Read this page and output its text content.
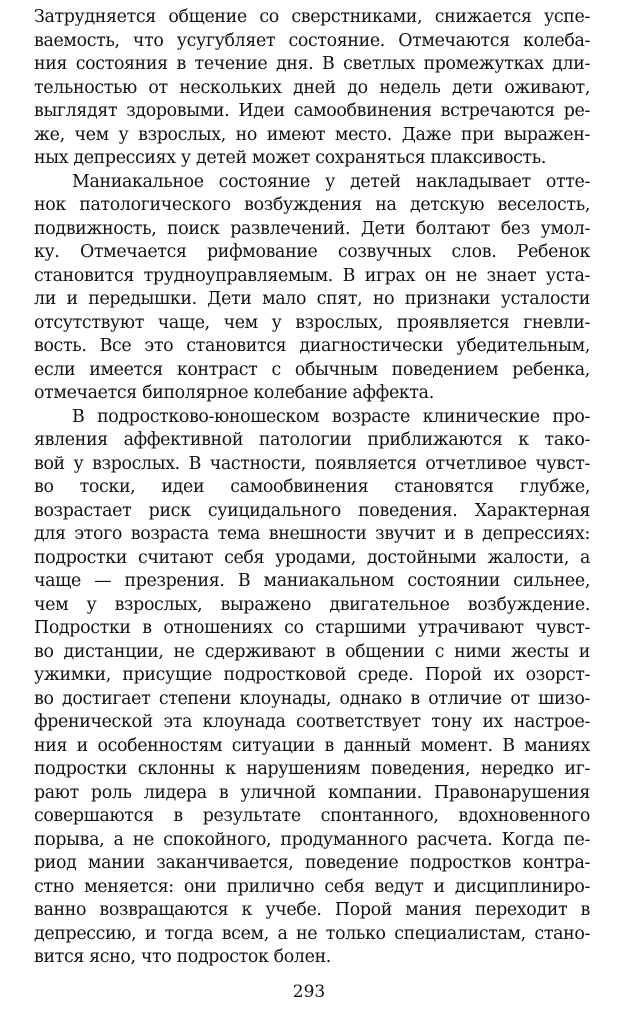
Затрудняется общение со сверстниками, снижается успе-
ваемость, что усугубляет состояние. Отмечаются колеба-
ния состояния в течение дня. В светлых промежутках дли-
тельностью от нескольких дней до недель дети оживают,
выглядят здоровыми. Идеи самообвинения встречаются ре-
же, чем у взрослых, но имеют место. Даже при выражен-
ных депрессиях у детей может сохраняться плаксивость.
Маниакальное состояние у детей накладывает оттe-
нок патологического возбуждения на детскую веселость,
подвижность, поиск развлечений. Дети болтают без умол-
ку. Отмечается рифмование созвучных слов. Ребенок
становится трудноуправляемым. В играх он не знает уста-
ли и передышки. Дети мало спят, но признаки усталости
отсутствуют чаще, чем у взрослых, проявляется гневли-
вость. Все это становится диагностически убедительным,
если имеется контраст с обычным поведением ребенка,
отмечается биполярное колебание аффекта.
В подростково-юношеском возрасте клинические про-
явления аффективной патологии приближаются к тако-
вой у взрослых. В частности, появляется отчетливое чувст-
во тоски, идеи самообвинения становятся глубже,
возрастает риск суицидального поведения. Характерная
для этого возраста тема внешности звучит и в депрессиях:
подростки считают себя уродами, достойными жалости, а
чаще — презрения. В маниакальном состоянии сильнее,
чем у взрослых, выражено двигательное возбуждение.
Подростки в отношениях со старшими утрачивают чувст-
во дистанции, не сдерживают в общении с ними жесты и
ужимки, присущие подростковой среде. Порой их озорст-
во достигает степени клоунады, однако в отличие от шизо-
френической эта клоунада соответствует тону их настрое-
ния и особенностям ситуации в данный момент. В маниях
подростки склонны к нарушениям поведения, нередко иг-
рают роль лидера в уличной компании. Правонарушения
совершаются в результате спонтанного, вдохновенного
порыва, а не спокойного, продуманного расчета. Когда пе-
риод мании заканчивается, поведение подростков контра-
стно меняется: они прилично себя ведут и дисциплиниро-
ванно возвращаются к учебе. Порой мания переходит в
депрессию, и тогда всем, а не только специалистам, стано-
вится ясно, что подросток болен.
293
